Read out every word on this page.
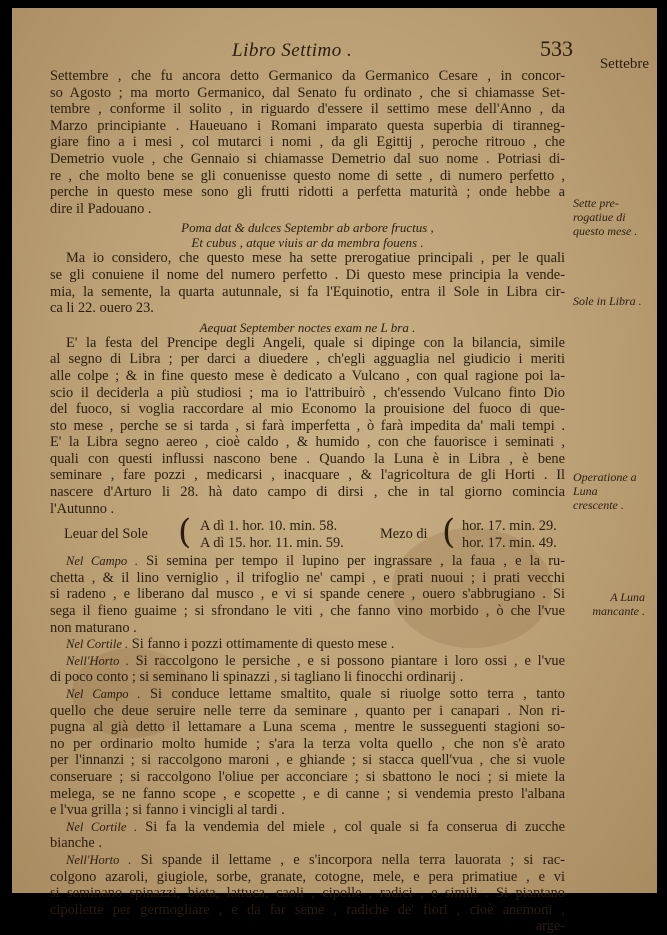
Libro Settimo .	533
Settebre
Sette pre-rogatiue di questo mese .
Sole in Libra .
Operatione a Luna crescente .
A Luna mancante .
Settembre , che fu ancora detto Germanico da Germanico Cesare , in concor-
so Agosto ; ma morto Germanico, dal Senato fu ordinato , che si chiamasse Set-
tembre , conforme il solito , in riguardo d'essere il settimo mese dell'Anno , da
Marzo principiante . Haueuano i Romani imparato questa superbia di tiranneg-
giare fino a i mesi , col mutarci i nomi , da gli Egittij , peroche ritrouo , che
Demetrio vuole , che Gennaio si chiamasse Demetrio dal suo nome . Potriasi di-
re , che molto bene se gli conuenisse questo nome di sette , di numero perfetto ,
perche in questo mese sono gli frutti ridotti a perfetta maturità ; onde hebbe a
dire il Padouano .
Poma dat & dulces Septembr ab arbore fructus ,
Et cubus , atque viuis ar da membra fouens .
Ma io considero, che questo mese ha sette prerogatiue principali , per le quali
se gli conuiene il nome del numero perfetto . Di questo mese principia la vende-
mia, la semente, la quarta autunnale, si fa l'Equinotio, entra il Sole in Libra cir-
ca li 22. ouero 23.
Aequat September noctes exam ne L bra .
E' la festa del Prencipe degli Angeli, quale si dipinge con la bilancia, simile
al segno di Libra ; per darci a diuedere , ch'egli agguaglia nel giudicio i meriti
alle colpe ; & in fine questo mese è dedicato a Vulcano , con qual ragione poi la-
scio il deciderla a più studiosi ; ma io l'attribuirò , ch'essendo Vulcano finto Dio
del fuoco, si voglia raccordare al mio Economo la prouisione del fuoco di que-
sto mese , perche se si tarda , si farà imperfetta , ò farà impedita da' mali tempi .
E' la Libra segno aereo , cioè caldo , & humido , con che fauorisce i seminati ,
quali con questi influssi nascono bene . Quando la Luna è in Libra , è bene
seminare , fare pozzi , medicarsi , inacquare , & l'agricoltura de gli Horti . Il
nascere d'Arturo li 28. hà dato campo di dirsi , che in tal giorno comincia
l'Autunno .
Leuar del Sole ( A dì 1. hor. 10. min. 58.
A dì 15. hor. 11. min. 59.
Mezo di ( hor. 17. min. 29.
hor. 17. min. 49.
Nel Campo . Si semina per tempo il lupino per ingrassare , la faua , e la ru-
chetta , & il lino verniglio , il trifoglio ne' campi , e prati nuoui ; i prati vecchi
si radeno , e liberano dal musco , e vi si spande cenere , ouero s'abbrugiano . Si
sega il fieno guaime ; si sfrondano le viti , che fanno vino morbido , ò che l'vue
non maturano .
Nel Cortile . Si fanno i pozzi ottimamente di questo mese .
Nell'Horto . Si raccolgono le persiche , e si possono piantare i loro ossi , e l'vue
di poco conto ; si seminano li spinazzi , si tagliano li finocchi ordinarij .
Nel Campo . Si conduce lettame smaltito, quale si riuolge sotto terra , tanto
quello che deue seruire nelle terre da seminare , quanto per i canapari . Non ri-
pugna al già detto il lettamare a Luna scema , mentre le susseguenti stagioni so-
no per ordinario molto humide ; s'ara la terza volta quello , che non s'è arato
per l'innanzi ; si raccolgono maroni , e ghiande ; si stacca quell'vua , che si vuole
conseruare ; si raccolgono l'oliue per acconciare ; si sbattono le noci ; si miete la
melega, se ne fanno scope , e scopette , e di canne ; si vendemia presto l'albana
e l'vua grilla ; si fanno i vincigli al tardi .
Nel Cortile . Si fa la vendemia del miele , col quale si fa conserua di zucche
bianche .
Nell'Horto . Si spande il lettame , e s'incorpora nella terra lauorata ; si rac-
colgono azaroli, giugiole, sorbe, granate, cotogne, mele, e pera primatiue , e vi
si seminano spinazzi, bieta, lattuca, caoli , cipolle , radici , e simili . Si piantano
cipollette per germogliare , e da far seme , radiche de' fiori , cioè anemoni ,
arge-
